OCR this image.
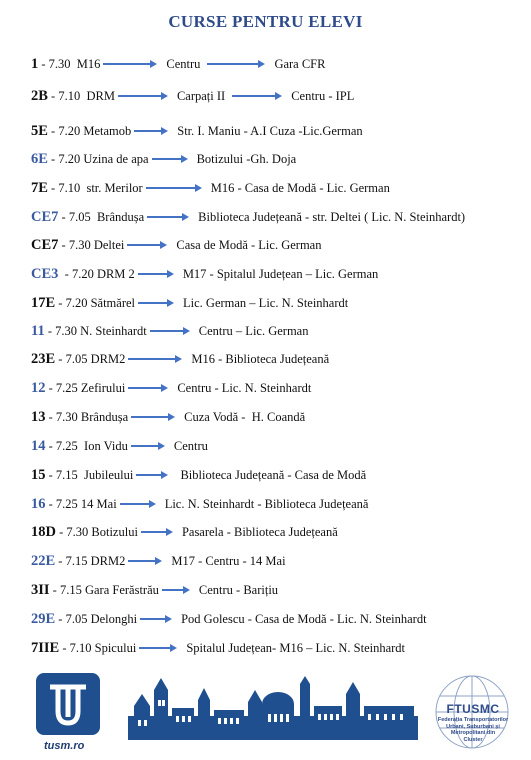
CURSE PENTRU ELEVI
1 - 7.30  M16	Centru	Gara CFR
2B - 7.10  DRM	Carpați II	Centru - IPL
5E - 7.20 Metamob	Str. I. Maniu - A.I Cuza -Lic.German
6E - 7.20 Uzina de apa	Botizului -Gh. Doja
7E - 7.10  str. Merilor	M16 - Casa de Modă - Lic. German
CE7 - 7.05  Brândușa	Biblioteca Județeană - str. Deltei ( Lic. N. Steinhardt)
CE7 - 7.30 Deltei	Casa de Modă - Lic. German
CE3 - 7.20 DRM 2	M17 - Spitalul Județean – Lic. German
17E - 7.20 Sătmărel	Lic. German – Lic. N. Steinhardt
11 - 7.30 N. Steinhardt	Centru – Lic. German
23E - 7.05 DRM2	M16 - Biblioteca Județeană
12 - 7.25 Zefirului	Centru - Lic. N. Steinhardt
13 - 7.30 Brândușa	Cuza Vodă -  H. Coandă
14 - 7.25  Ion Vidu	Centru
15 - 7.15  Jubileului	Biblioteca Județeană - Casa de Modă
16 - 7.25 14 Mai	Lic. N. Steinhardt - Biblioteca Județeană
18D - 7.30 Botizului	Pasarela - Biblioteca Județeană
22E - 7.15 DRM2	M17 - Centru - 14 Mai
3II - 7.15 Gara Ferăstrău	Centru - Barițiu
29E - 7.05 Delonghi	Pod Golescu - Casa de Modă - Lic. N. Steinhardt
7IIE - 7.10 Spicului	Spitalul Județean- M16 – Lic. N. Steinhardt
tusm.ro
FTUSMC
Federația Transportatorilor
Urbani, Suburbani și
Metropolitani din
Cluster
